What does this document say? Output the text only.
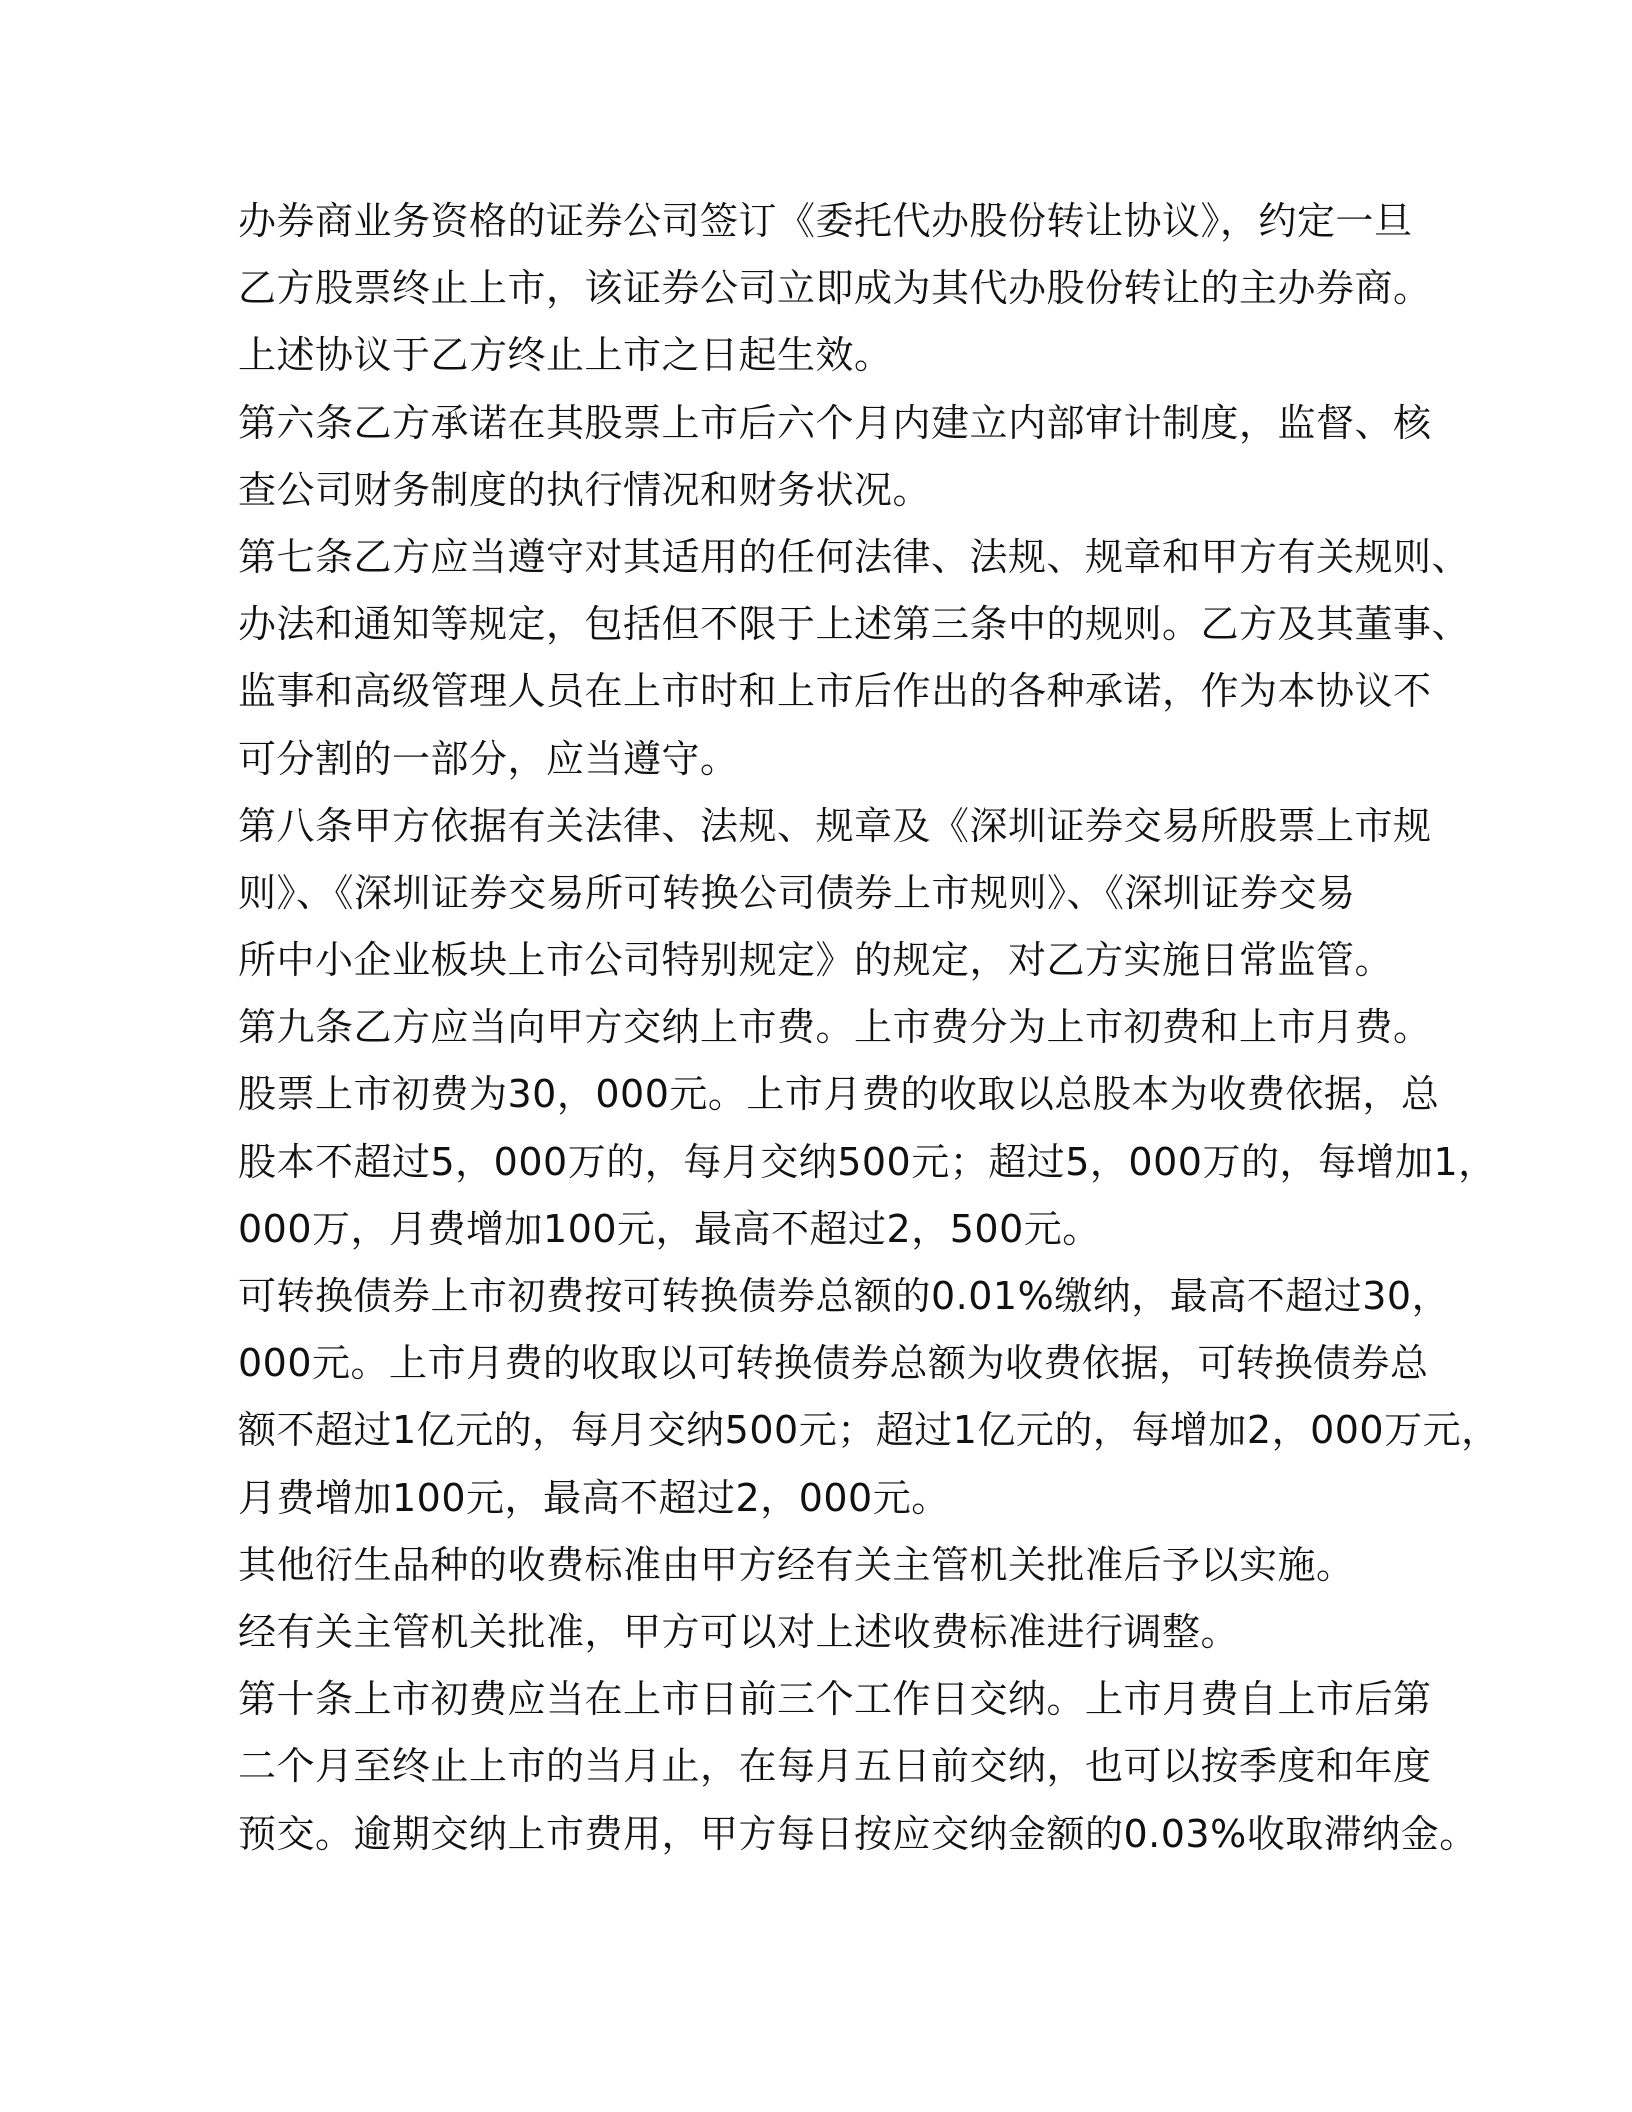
办券商业务资格的证券公司签订《委托代办股份转让协议》，约定一旦
乙方股票终止上市，该证券公司立即成为其代办股份转让的主办券商。
上述协议于乙方终止上市之日起生效。
第六条乙方承诺在其股票上市后六个月内建立内部审计制度，监督、核
查公司财务制度的执行情况和财务状况。
第七条乙方应当遵守对其适用的任何法律、法规、规章和甲方有关规则、
办法和通知等规定，包括但不限于上述第三条中的规则。乙方及其董事、
监事和高级管理人员在上市时和上市后作出的各种承诺，作为本协议不
可分割的一部分，应当遵守。
第八条甲方依据有关法律、法规、规章及《深圳证券交易所股票上市规
则》、《深圳证券交易所可转换公司债券上市规则》、《深圳证券交易
所中小企业板块上市公司特别规定》的规定，对乙方实施日常监管。
第九条乙方应当向甲方交纳上市费。上市费分为上市初费和上市月费。
股票上市初费为30，000元。上市月费的收取以总股本为收费依据，总
股本不超过5，000万的，每月交纳500元；超过5，000万的，每增加1，
000万，月费增加100元，最高不超过2，500元。
可转换债券上市初费按可转换债券总额的0.01%缴纳，最高不超过30，
000元。上市月费的收取以可转换债券总额为收费依据，可转换债券总
额不超过1亿元的，每月交纳500元；超过1亿元的，每增加2，000万元，
月费增加100元，最高不超过2，000元。
其他衍生品种的收费标准由甲方经有关主管机关批准后予以实施。
经有关主管机关批准，甲方可以对上述收费标准进行调整。
第十条上市初费应当在上市日前三个工作日交纳。上市月费自上市后第
二个月至终止上市的当月止，在每月五日前交纳，也可以按季度和年度
预交。逾期交纳上市费用，甲方每日按应交纳金额的0.03%收取滞纳金。
